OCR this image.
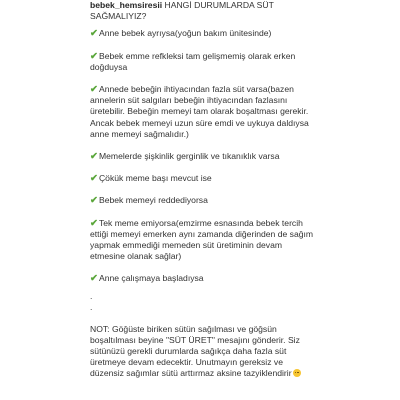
bebek_hemsiresii HANGİ DURUMLARDA SÜT SAĞMALIYIZ?
✔Anne bebek ayrıysa(yoğun bakım ünitesinde)
✔Bebek emme refkleksi tam gelişmemiş olarak erken doğduysa
✔Annede bebeğin ihtiyacından fazla süt varsa(bazen annelerin süt salgıları bebeğin ihtiyacından fazlasını üretebilir. Bebeğin memeyi tam olarak boşaltması gerekir. Ancak bebek memeyi uzun süre emdi ve uykuya daldıysa anne memeyi sağmalıdır.)
✔Memelerde şişkinlik gerginlik ve tıkanıklık varsa
✔Çökük meme başı mevcut ise
✔Bebek memeyi reddediyorsa
✔Tek meme emiyorsa(emzirme esnasında bebek tercih ettiği memeyi emerken aynı zamanda diğerinden de sağım yapmak emmediği memeden süt üretiminin devam etmesine olanak sağlar)
✔Anne çalışmaya başladıysa
.
.
NOT: Göğüste biriken sütün sağılması ve göğsün boşaltılması beyine "SÜT ÜRET" mesajını gönderir. Siz sütünüzü gerekli durumlarda sağıkça daha fazla süt üretmeye devam edecektir. Unutmayın gereksiz ve düzensiz sağımlar sütü arttırmaz aksine tazyiklendirir
